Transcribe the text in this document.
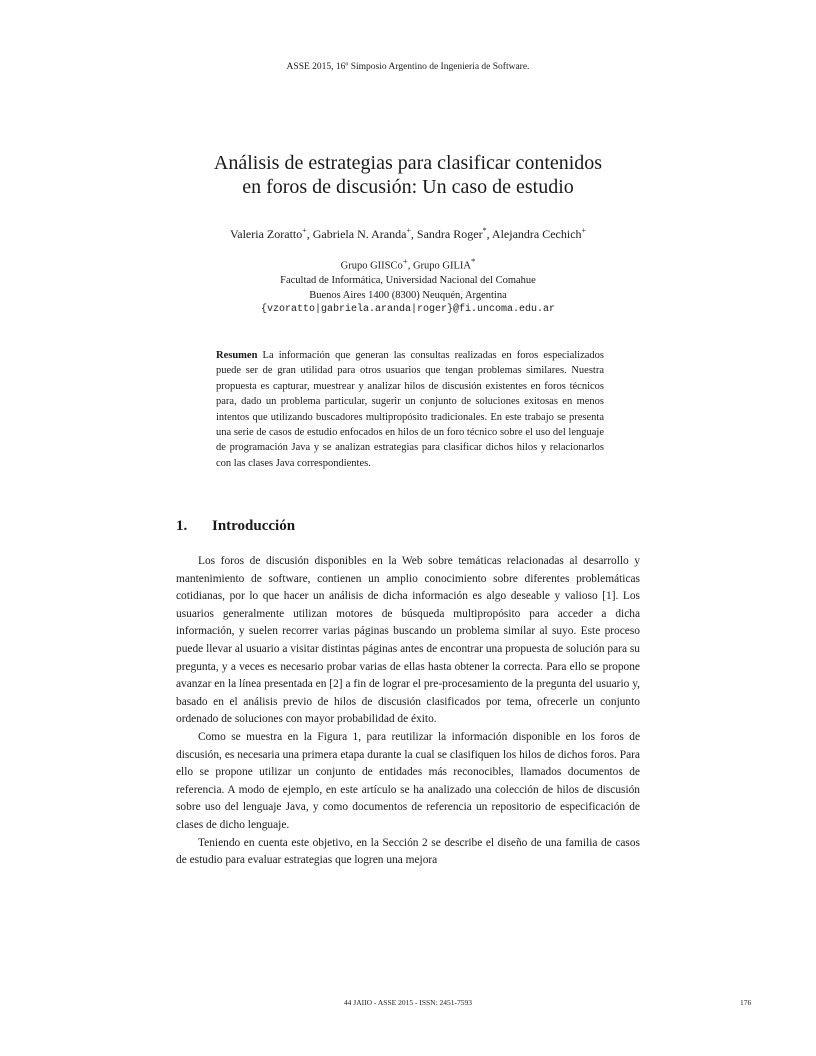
ASSE 2015, 16º Simposio Argentino de Ingeniería de Software.
Análisis de estrategias para clasificar contenidos
en foros de discusión: Un caso de estudio
Valeria Zoratto+, Gabriela N. Aranda+, Sandra Roger*, Alejandra Cechich+
Grupo GIISCo+, Grupo GILIA*
Facultad de Informática, Universidad Nacional del Comahue
Buenos Aires 1400 (8300) Neuquén, Argentina
{vzoratto|gabriela.aranda|roger}@fi.uncoma.edu.ar
Resumen La información que generan las consultas realizadas en foros especializados puede ser de gran utilidad para otros usuarios que tengan problemas similares. Nuestra propuesta es capturar, muestrear y analizar hilos de discusión existentes en foros técnicos para, dado un problema particular, sugerir un conjunto de soluciones exitosas en menos intentos que utilizando buscadores multipropósito tradicionales. En este trabajo se presenta una serie de casos de estudio enfocados en hilos de un foro técnico sobre el uso del lenguaje de programación Java y se analizan estrategias para clasificar dichos hilos y relacionarlos con las clases Java correspondientes.
1. Introducción

Los foros de discusión disponibles en la Web sobre temáticas relacionadas al desarrollo y mantenimiento de software, contienen un amplio conocimiento sobre diferentes problemáticas cotidianas, por lo que hacer un análisis de dicha información es algo deseable y valioso [1]. Los usuarios generalmente utilizan motores de búsqueda multipropósito para acceder a dicha información, y suelen recorrer varias páginas buscando un problema similar al suyo. Este proceso puede llevar al usuario a visitar distintas páginas antes de encontrar una propuesta de solución para su pregunta, y a veces es necesario probar varias de ellas hasta obtener la correcta. Para ello se propone avanzar en la línea presentada en [2] a fin de lograr el pre-procesamiento de la pregunta del usuario y, basado en el análisis previo de hilos de discusión clasificados por tema, ofrecerle un conjunto ordenado de soluciones con mayor probabilidad de éxito.

Como se muestra en la Figura 1, para reutilizar la información disponible en los foros de discusión, es necesaria una primera etapa durante la cual se clasifiquen los hilos de dichos foros. Para ello se propone utilizar un conjunto de entidades más reconocibles, llamados documentos de referencia. A modo de ejemplo, en este artículo se ha analizado una colección de hilos de discusión sobre uso del lenguaje Java, y como documentos de referencia un repositorio de especificación de clases de dicho lenguaje.

Teniendo en cuenta este objetivo, en la Sección 2 se describe el diseño de una familia de casos de estudio para evaluar estrategias que logren una mejora

44 JAIIO - ASSE 2015 - ISSN: 2451-7593	176
